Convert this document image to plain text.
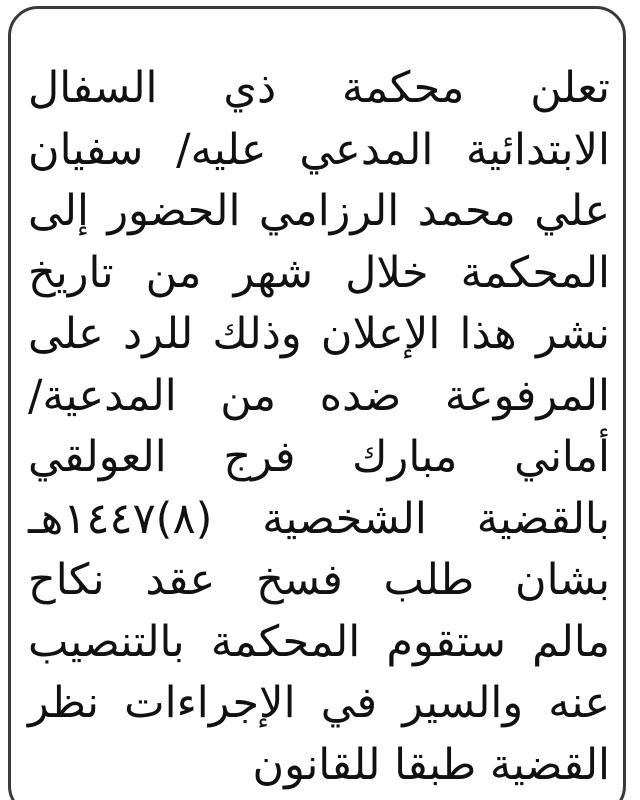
تعلن محكمة ذي السفال
الابتدائية المدعي عليه/ سفيان
علي محمد الرزامي الحضور إلى
المحكمة خلال شهر من تاريخ
نشر هذا الإعلان وذلك للرد على
المرفوعة ضده من المدعية/
أماني مبارك فرج العولقي
بالقضية الشخصية (٨)١٤٤٧هـ
بشان طلب فسخ عقد نكاح
مالم ستقوم المحكمة بالتنصيب
عنه والسير في الإجراءات نظر
القضية طبقا للقانون
